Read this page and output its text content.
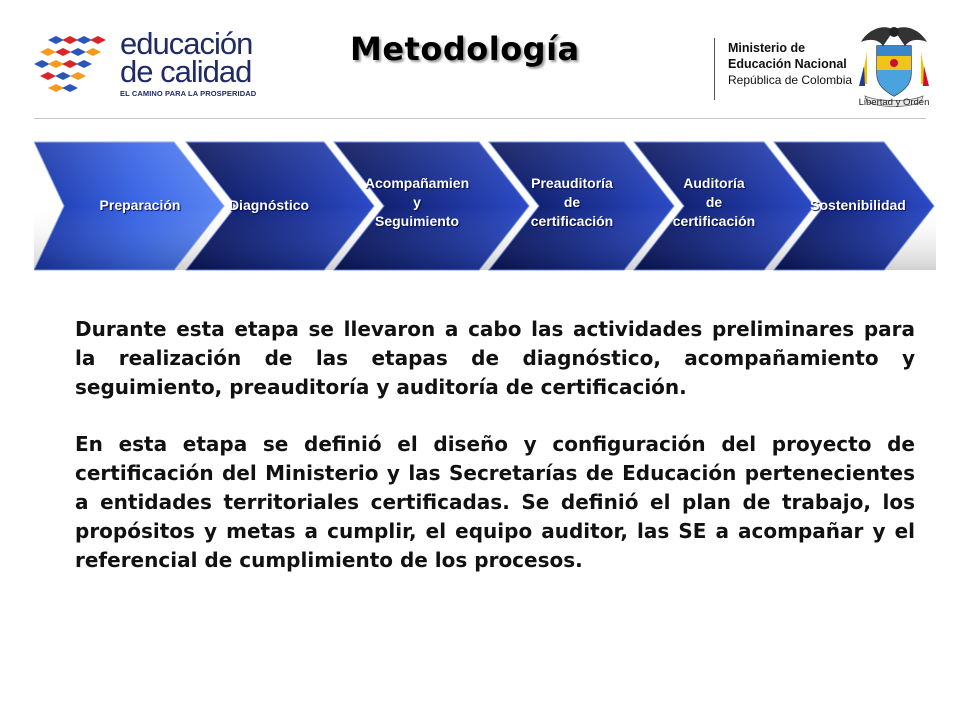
educación
de calidad
EL CAMINO PARA LA PROSPERIDAD
Metodología	Ministerio de
Educación Nacional
República de Colombia
Libertad y Orden
Preparación	Diagnóstico
Acompañamien
y
Seguimiento
Preauditoría
de
certificación
Auditoría
de
certificación
Sostenibilidad

Durante esta etapa se llevaron a cabo las actividades preliminares para la realización de las etapas de diagnóstico, acompañamiento y seguimiento, preauditoría y auditoría de certificación.

En esta etapa se definió el diseño y configuración del proyecto de certificación del Ministerio y las Secretarías de Educación pertenecientes a entidades territoriales certificadas. Se definió el plan de trabajo, los propósitos y metas a cumplir, el equipo auditor, las SE a acompañar y el referencial de cumplimiento de los procesos.
